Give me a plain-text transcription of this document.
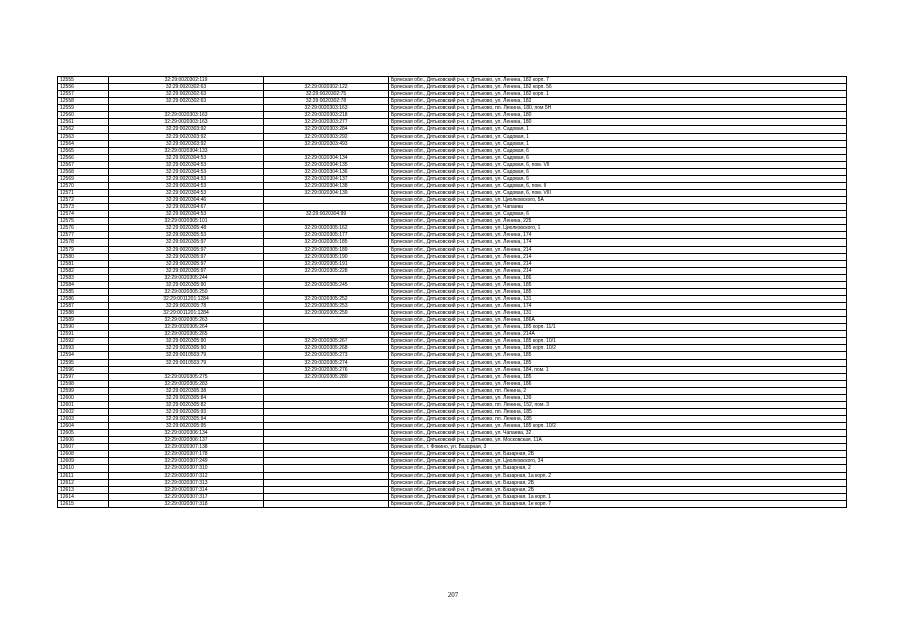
12555	32:29:0020302:119		Брянская обл., Дятьковский р-н, г. Дятьково, ул. Ленина, 182 корп. 7
12556	32:29:0020302:63	32:29:0020302:122	Брянская обл., Дятьковский р-н, г. Дятьково, ул. Ленина, 182 корп. 56
12557	32:29:0020302:63	32:29:0020302:75	Брянская обл., Дятьковский р-н, г. Дятьково, ул. Ленина, 182 корп. 1
12558	32:29:0020302:63	32:29:0020302:78	Брянская обл., Дятьковский р-н, г. Дятьково, ул. Ленина, 182
12559		32:29:0020303:163	Брянская обл., Дятьковский р-н, г. Дятьково, пл. Ленина, 180, пом 5Н
12560	32:29:0020303:163	32:29:0020303:218	Брянская обл., Дятьковский р-н, г. Дятьково, ул. Ленина, 180
12561	32:29:0020303:163	32:29:0020303:277	Брянская обл., Дятьковский р-н, г. Дятьково, ул. Ленина, 180
12562	32:29:0020303:92	32:29:0020303:284	Брянская обл., Дятьковский р-н, г. Дятьково, ул. Садовая, 1
12563	32:29:0020303:92	32:29:0020303:292	Брянская обл., Дятьковский р-н, г. Дятьково, ул. Садовая, 1
12564	32:29:0020303:92	32:29:0020303:493	Брянская обл., Дятьковский р-н, г. Дятьково, ул. Садовая, 1
12565	32:29:0020304:133		Брянская обл., Дятьковский р-н, г. Дятьково, ул. Садовая, 6
12566	32:29:0020304:53	32:29:0020304:134	Брянская обл., Дятьковский р-н, г. Дятьково, ул. Садовая, 6
12567	32:29:0020304:53	32:29:0020304:135	Брянская обл., Дятьковский р-н, г. Дятьково, ул. Садовая, 6, пом. VII
12568	32:29:0020304:53	32:29:0020304:136	Брянская обл., Дятьковский р-н, г. Дятьково, ул. Садовая, 6
12569	32:29:0020304:53	32:29:0020304:137	Брянская обл., Дятьковский р-н, г. Дятьково, ул. Садовая, 6
12570	32:29:0020304:53	32:29:0020304:138	Брянская обл., Дятьковский р-н, г. Дятьково, ул. Садовая, 6, пом. II
12571	32:29:0020304:53	32:29:0020304:139	Брянская обл., Дятьковский р-н, г. Дятьково, ул. Садовая, 6, пом. VIII
12572	32:29:0020304:46		Брянская обл., Дятьковский р-н, г. Дятьково, ул. Циолковского, 5А
12573	32:29:0020304:67		Брянская обл., Дятьковский р-н, г. Дятьково, ул. Чапаева
12574	32:29:0020304:53	32:29:0020304:99	Брянская обл., Дятьковский р-н, г. Дятьково, ул. Садовая, 6
12575	32:29:0020305:101		Брянская обл., Дятьковский р-н, г. Дятьково, ул. Ленина, 225
12576	32:29:0020305:48	32:29:0020305:162	Брянская обл., Дятьковский р-н, г. Дятьково, ул. Циолковского, 1
12577	32:29:0020305:53	32:29:0020305:177	Брянская обл., Дятьковский р-н, г. Дятьково, ул. Ленина, 174
12578	32:29:0020305:97	32:29:0020305:185	Брянская обл., Дятьковский р-н, г. Дятьково, ул. Ленина, 174
12579	32:29:0020305:97	32:29:0020305:189	Брянская обл., Дятьковский р-н, г. Дятьково, ул. Ленина, 214
12580	32:29:0020305:97	32:29:0020305:190	Брянская обл., Дятьковский р-н, г. Дятьково, ул. Ленина, 214
12581	32:29:0020305:97	32:29:0020305:191	Брянская обл., Дятьковский р-н, г. Дятьково, ул. Ленина, 214
12582	32:29:0020305:97	32:29:0020305:228	Брянская обл., Дятьковский р-н, г. Дятьково, ул. Ленина, 214
12583	32:29:0020305:244		Брянская обл., Дятьковский р-н, г. Дятьково, ул. Ленина, 186
12584	32:29:0020305:90	32:29:0020305:245	Брянская обл., Дятьковский р-н, г. Дятьково, ул. Ленина, 185
12585	32:29:0020305:250		Брянская обл., Дятьковский р-н, г. Дятьково, ул. Ленина, 185
12586	32:29:0011201:1284	32:29:0020305:252	Брянская обл., Дятьковский р-н, г. Дятьково, ул. Ленина, 131
12587	32:29:0020305:78	32:29:0020305:253	Брянская обл., Дятьковский р-н, г. Дятьково, ул. Ленина, 174
12588	32:29:0011201:1284	32:29:0020305:259	Брянская обл., Дятьковский р-н, г. Дятьково, ул. Ленина, 131
12589	32:29:0020305:263		Брянская обл., Дятьковский р-н, г. Дятьково, ул. Ленина, 186А
12590	32:29:0020305:264		Брянская обл., Дятьковский р-н, г. Дятьково, ул. Ленина, 185 корп. 11/1
12591	32:29:0020305:265		Брянская обл., Дятьковский р-н, г. Дятьково, ул. Ленина, 214А
12592	32:29:0020305:90	32:29:0020305:267	Брянская обл., Дятьковский р-н, г. Дятьково, ул. Ленина, 185 корп. 10/1
12593	32:29:0020305:90	32:29:0020305:268	Брянская обл., Дятьковский р-н, г. Дятьково, ул. Ленина, 185 корп. 10/2
12594	32:29:0010503:79	32:29:0020305:273	Брянская обл., Дятьковский р-н, г. Дятьково, ул. Ленина, 185
12595	32:29:0010503:79	32:29:0020305:274	Брянская обл., Дятьковский р-н, г. Дятьково, ул. Ленина, 185
12596		32:29:0020305:276	Брянская обл., Дятьковский р-н, г. Дятьково, ул. Ленина, 184, пом. 1
12597	32:29:0020305:275	32:29:0020305:280	Брянская обл., Дятьковский р-н, г. Дятьково, ул. Ленина, 185
12598	32:29:0020305:283		Брянская обл., Дятьковский р-н, г. Дятьково, ул. Ленина, 186
12599	32:29:0020305:38		Брянская обл., Дятьковский р-н, г. Дятьково, пл. Ленина, 2
12600	32:29:0020305:84		Брянская обл., Дятьковский р-н, г. Дятьково, ул. Ленина, 139
12601	32:29:0020305:82		Брянская обл., Дятьковский р-н, г. Дятьково, пл. Ленина, 152, пом. 3
12602	32:29:0020305:93		Брянская обл., Дятьковский р-н, г. Дятьково, пл. Ленина, 185
12603	32:29:0020305:94		Брянская обл., Дятьковский р-н, г. Дятьково, пл. Ленина, 185
12604	32:29:0020305:95		Брянская обл., Дятьковский р-н, г. Дятьково, ул. Ленина, 185 корп. 10/2
12605	32:29:0020306:134		Брянская обл., Дятьковский р-н, г. Дятьково, ул. Чапаева, 32
12606	32:29:0020306:137		Брянская обл., Дятьковский р-н, г. Дятьково, ул. Московская, 11А
12607	32:29:0020307:138		Брянская обл., г. Фокино, ул. Базарная, 3
12608	32:29:0020307:178		Брянская обл., Дятьковский р-н, г. Дятьково, ул. Базарная, 2Б
12609	32:29:0020307:249		Брянская обл., Дятьковский р-н, г. Дятьково, ул. Циолковского, 34
12610	32:29:0020307:310		Брянская обл., Дятьковский р-н, г. Дятьково, ул. Базарная, 2
12611	32:29:0020307:312		Брянская обл., Дятьковский р-н, г. Дятьково, ул. Базарная, 1а корп. 2
12612	32:29:0020307:313		Брянская обл., Дятьковский р-н, г. Дятьково, ул. Базарная, 2Б
12613	32:29:0020307:314		Брянская обл., Дятьковский р-н, г. Дятьково, ул. Базарная, 2Б
12614	32:29:0020307:317		Брянская обл., Дятьковский р-н, г. Дятьково, ул. Базарная, 1а корп. 1
12615	32:29:0020307:318		Брянская обл., Дятьковский р-н, г. Дятьково, ул. Базарная, 1е корп. 7
207
